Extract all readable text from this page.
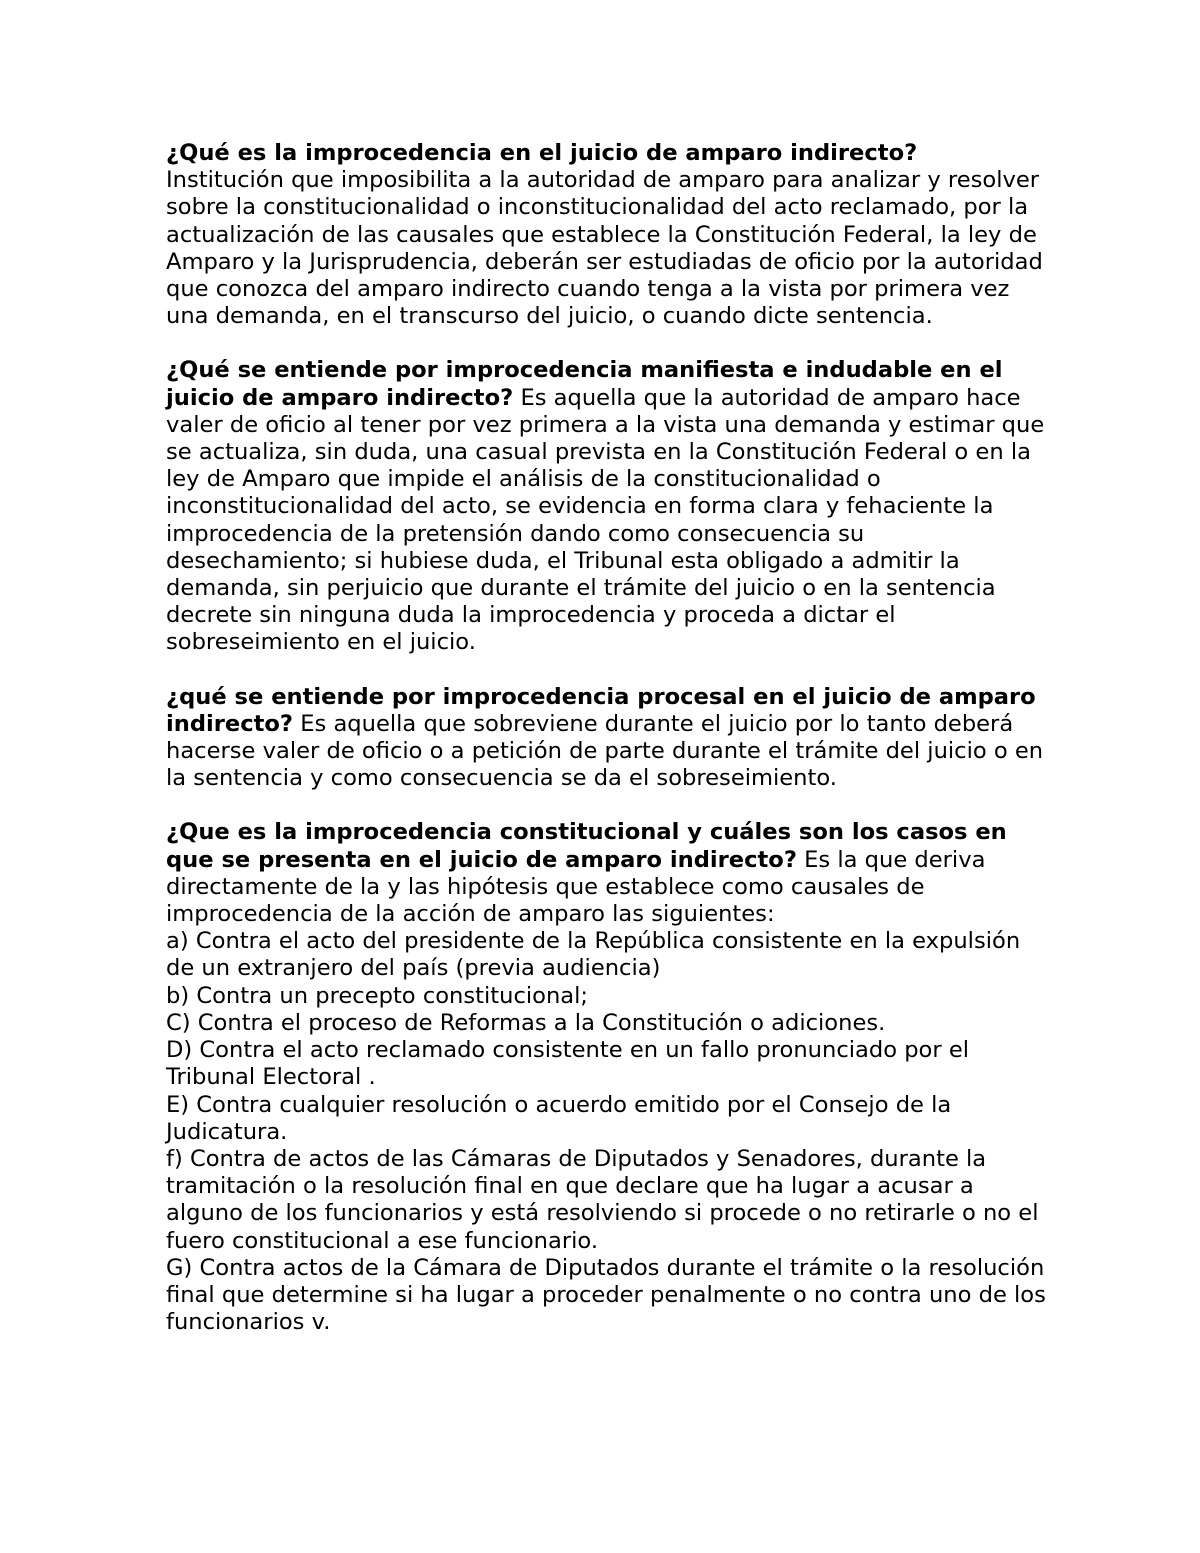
¿Qué es la improcedencia en el juicio de amparo indirecto?
Institución que imposibilita a la autoridad de amparo para analizar y resolver sobre la constitucionalidad o inconstitucionalidad del acto reclamado, por la actualización de las causales que establece la Constitución Federal, la ley de Amparo y la Jurisprudencia, deberán ser estudiadas de oficio por la autoridad que conozca del amparo indirecto cuando tenga a la vista por primera vez una demanda, en el transcurso del juicio, o cuando dicte sentencia.

¿Qué se entiende por improcedencia manifiesta e indudable en el juicio de amparo indirecto? Es aquella que la autoridad de amparo hace valer de oficio al tener por vez primera a la vista una demanda y estimar que se actualiza, sin duda, una casual prevista en la Constitución Federal o en la ley de Amparo que impide el análisis de la constitucionalidad o inconstitucionalidad del acto, se evidencia en forma clara y fehaciente la improcedencia de la pretensión dando como consecuencia su desechamiento; si hubiese duda, el Tribunal esta obligado a admitir la demanda, sin perjuicio que durante el trámite del juicio o en la sentencia decrete sin ninguna duda la improcedencia y proceda a dictar el sobreseimiento en el juicio.

¿qué se entiende por improcedencia procesal en el juicio de amparo indirecto? Es aquella que sobreviene durante el juicio por lo tanto deberá hacerse valer de oficio o a petición de parte durante el trámite del juicio o en la sentencia y como consecuencia se da el sobreseimiento.

¿Que es la improcedencia constitucional y cuáles son los casos en que se presenta en el juicio de amparo indirecto? Es la que deriva directamente de la y las hipótesis que establece como causales de improcedencia de la acción de amparo las siguientes:
a) Contra el acto del presidente de la República consistente en la expulsión de un extranjero del país (previa audiencia)
b) Contra un precepto constitucional;
C) Contra el proceso de Reformas a la Constitución o adiciones.
D) Contra el acto reclamado consistente en un fallo pronunciado por el Tribunal Electoral .
E) Contra cualquier resolución o acuerdo emitido por el Consejo de la Judicatura.
f) Contra de actos de las Cámaras de Diputados y Senadores, durante la tramitación o la resolución final en que declare que ha lugar a acusar a alguno de los funcionarios y está resolviendo si procede o no retirarle o no el fuero constitucional a ese funcionario.
G) Contra actos de la Cámara de Diputados durante el trámite o la resolución final que determine si ha lugar a proceder penalmente o no contra uno de los funcionarios v.
